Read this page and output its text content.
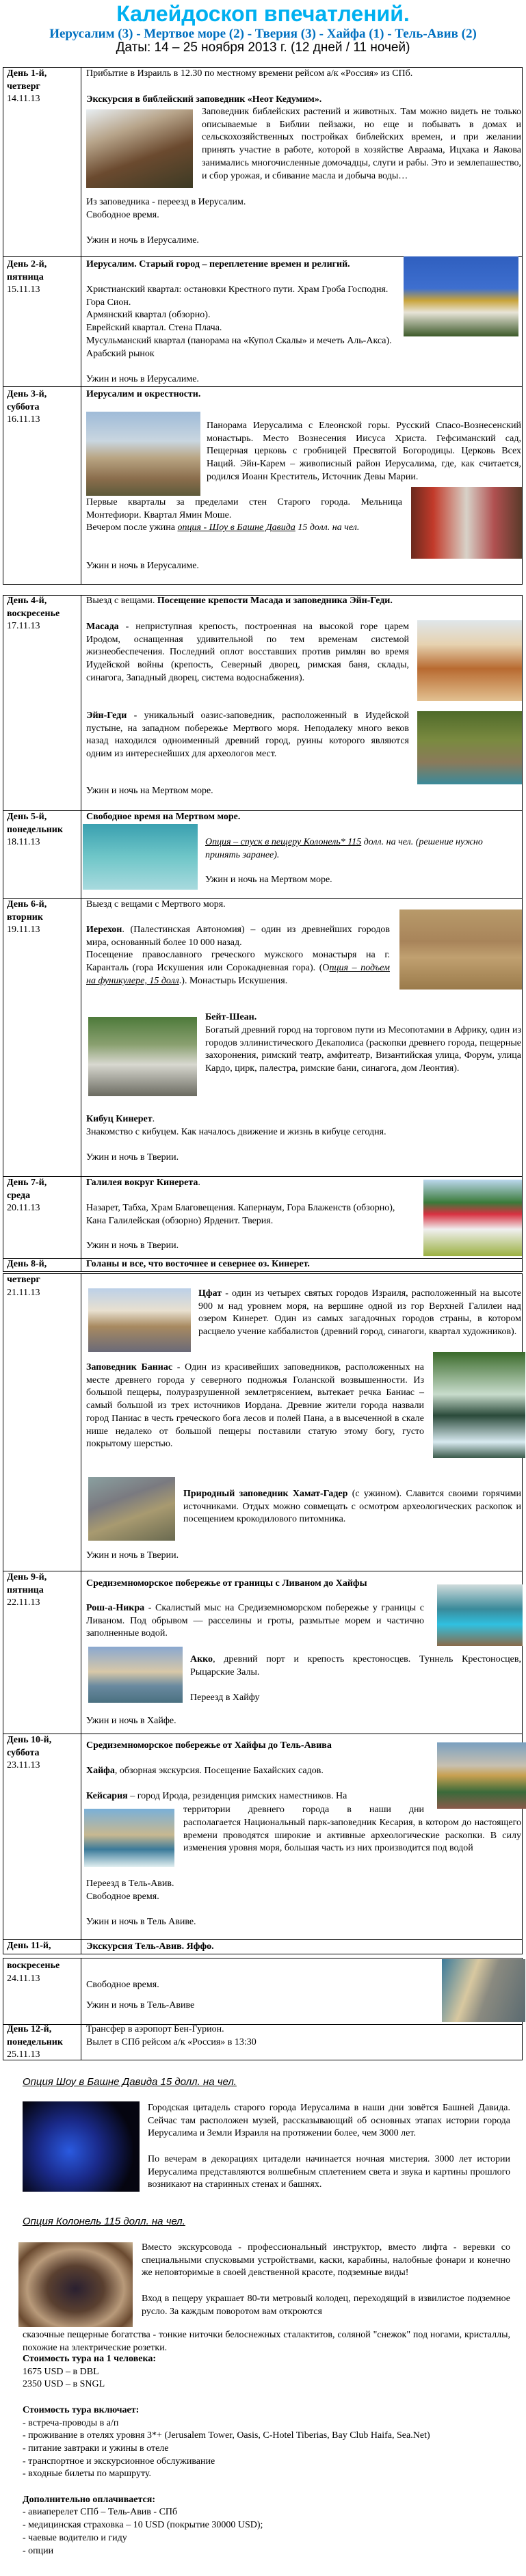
Калейдоскоп впечатлений.
Иерусалим (3) - Мертвое море (2) - Тверия (3) - Хайфа (1) - Тель-Авив (2)
Даты: 14 – 25 ноября 2013 г. (12 дней / 11 ночей)
День 1-й,
четверг
14.11.13
День 2-й,
пятница
15.11.13
День 3-й,
суббота
16.11.13
День 4-й,
воскресенье
17.11.13
День 5-й,
понедельник
18.11.13
День 6-й,
вторник
19.11.13
День 7-й,
среда
20.11.13
День 8-й,
четверг
21.11.13
День 9-й,
пятница
22.11.13
День 10-й,
суббота
23.11.13
День 11-й,
воскресенье
24.11.13
День 12-й,
понедельник
25.11.13
Прибытие в Израиль в 12.30 по местному времени рейсом а/к «Россия» из СПб.
Экскурсия в библейский заповедник «Неот Кедумим».
Заповедник библейских растений и животных. Там можно видеть не только описываемые в Библии пейзажи, но еще и побывать в домах и сельскохозяйственных постройках библейских времен, и при желании принять участие в работе, которой в хозяйстве Авраама, Ицхака и Яакова занимались многочисленные домочадцы, слуги и рабы. Это и землепашество, и сбор урожая, и сбивание масла и добыча воды…
Из заповедника - переезд в Иерусалим.
Свободное время.

Ужин и ночь в Иерусалиме.
Иерусалим. Старый город – переплетение времен и религий.
Христианский квартал: остановки Крестного пути. Храм Гроба Господня. Гора Сион.
Армянский квартал (обзорно).
Еврейский квартал. Стена Плача.
Мусульманский квартал (панорама на «Купол Скалы» и мечеть Аль-Акса). Арабский рынок

Ужин и ночь в Иерусалиме.
Иерусалим и окрестности.
Панорама Иерусалима с Елеонской горы. Русский Спасо-Вознесенский монастырь. Место Вознесения Иисуса Христа. Гефсиманский сад, Пещерная церковь с гробницей Пресвятой Богородицы. Церковь Всех Наций. Эйн-Карем – живописный район Иерусалима, где, как считается, родился Иоанн Креститель, Источник Девы Марии.
Первые кварталы за пределами стен Старого города. Мельница Монтефиори. Квартал Ямин Моше.
Вечером после ужина опция - Шоу в Башне Давида 15 долл. на чел.
Ужин и ночь в Иерусалиме.
Выезд с вещами. Посещение крепости Масада и заповедника Эйн-Геди.
Масада - неприступная крепость, построенная на высокой горе царем Иродом, оснащенная удивительной по тем временам системой жизнеобеспечения. Последний оплот восставших против римлян во время Иудейской войны (крепость, Северный дворец, римская баня, склады, синагога, Западный дворец, система водоснабжения).
Эйн-Геди - уникальный оазис-заповедник, расположенный в Иудейской пустыне, на западном побережье Мертвого моря. Неподалеку много веков назад находился одноименный древний город, руины которого являются одним из интереснейших для археологов мест.
Ужин и ночь на Мертвом море.
Свободное время на Мертвом море.
Опция – спуск в пещеру Колонель* 115 долл. на чел. (решение нужно принять заранее).
Ужин и ночь на Мертвом море.
Выезд с вещами с Мертвого моря.
Иерехон. (Палестинская Автономия) – один из древнейших городов мира, основанный более 10 000 назад.
Посещение православного греческого мужского монастыря на г. Каранталь (гора Искушения или Сорокадневная гора). (Опция – подъем на фуникулере, 15 долл.). Монастырь Искушения.
Бейт-Шеан.
Богатый древний город на торговом пути из Месопотамии в Африку, один из городов эллинистического Декаполиса (раскопки древнего города, пещерные захоронения, римский театр, амфитеатр, Византийская улица, Форум, улица Кардо, цирк, палестра, римские бани, синагога, дом Леонтия).
Кибуц Кинерет.
Знакомство с кибуцем. Как началось движение и жизнь в кибуце сегодня.

Ужин и ночь в Тверии.
Галилея вокруг Кинерета.
Назарет, Табха, Храм Благовещения. Капернаум, Гора Блаженств (обзорно), Кана Галилейская (обзорно) Ярденит. Тверия.
Ужин и ночь в Тверии.
Голаны и все, что восточнее и севернее оз. Кинерет.
Цфат - один из четырех святых городов Израиля, расположенный на высоте 900 м над уровнем моря, на вершине одной из гор Верхней Галилеи над озером Кинерет. Один из самых загадочных городов страны, в котором расцвело учение каббалистов (древний город, синагоги, квартал художников).
Заповедник Баниас - Один из красивейших заповедников, расположенных на месте древнего города у северного подножья Голанской возвышенности. Из большой пещеры, полуразрушенной землетрясением, вытекает речка Баниас – самый большой из трех источников Иордана. Древние жители города назвали город Паниас в честь греческого бога лесов и полей Пана, а в высеченной в скале нише недалеко от большой пещеры поставили статую этому богу, густо покрытому шерстью.
Природный заповедник Хамат-Гадер (с ужином). Славится своими горячими источниками. Отдых можно совмещать с осмотром археологических раскопок и посещением крокодилового питомника.
Ужин и ночь в Тверии.
Средиземноморское побережье от границы с Ливаном до Хайфы
Рош-а-Никра - Скалистый мыс на Средиземноморском побережье у границы с Ливаном. Под обрывом — расселины и гроты, размытые морем и частично заполненные водой.
Акко, древний порт и крепость крестоносцев. Туннель Крестоносцев, Рыцарские Залы.
Переезд в Хайфу
Ужин и ночь в Хайфе.
Средиземноморское побережье от Хайфы до Тель-Авива
Хайфа, обзорная экскурсия. Посещение Бахайских садов.
Кейсария – город Ирода, резиденция римских наместников. На
территории древнего города в наши дни
располагается Национальный парк-заповедник Кесария, в котором до настоящего времени проводятся широкие и активные археологические раскопки. В силу изменения уровня моря, большая часть из них производится под водой
Переезд в Тель-Авив.
Свободное время.

Ужин и ночь в Тель Авиве.
Экскурсия Тель-Авив. Яффо.
Свободное время.
Ужин и ночь в Тель-Авиве
Трансфер в аэропорт Бен-Гурион.
Вылет в СПб рейсом а/к «Россия» в 13:30
Опция Шоу в Башне Давида 15 долл. на чел.
Городская цитадель старого города Иерусалима в наши дни зовётся Башней Давида. Сейчас там расположен музей, рассказывающий об основных этапах истории города Иерусалима и Земли Израиля на протяжении более, чем 3000 лет.

По вечерам в декорациях цитадели начинается ночная мистерия. 3000 лет истории Иерусалима представляются волшебным сплетением света и звука и картины прошлого возникают на старинных стенах и башнях.
Опция Колонель 115 долл. на чел.
Вместо экскурсовода - профессиональный инструктор, вместо лифта - веревки со специальными спусковыми устройствами, каски, карабины, налобные фонари и конечно же неповторимые в своей девственной красоте, подземные виды!

Вход в пещеру украшает 80-ти метровый колодец, переходящий в извилистое подземное русло. За каждым поворотом вам откроются
сказочные пещерные богатства - тонкие ниточки белоснежных сталактитов, соляной "снежок" под ногами, кристаллы, похожие на электрические розетки.
Стоимость тура на 1 человека:
1675 USD – в DBL
2350 USD – в SNGL

Стоимость тура включает:
- встреча-проводы в а/п
- проживание в отелях уровня 3*+ (Jerusalem Tower, Oasis, C-Hotel Tiberias, Bay Club Haifa, Sea.Net)
- питание завтраки и ужины в отеле
- транспортное и экскурсионное обслуживание
- входные билеты по маршруту.

Дополнительно оплачивается:
- авиаперелет СПб – Тель-Авив - СПб
- медицинская страховка – 10 USD (покрытие 30000 USD);
- чаевые водителю и гиду
- опции
